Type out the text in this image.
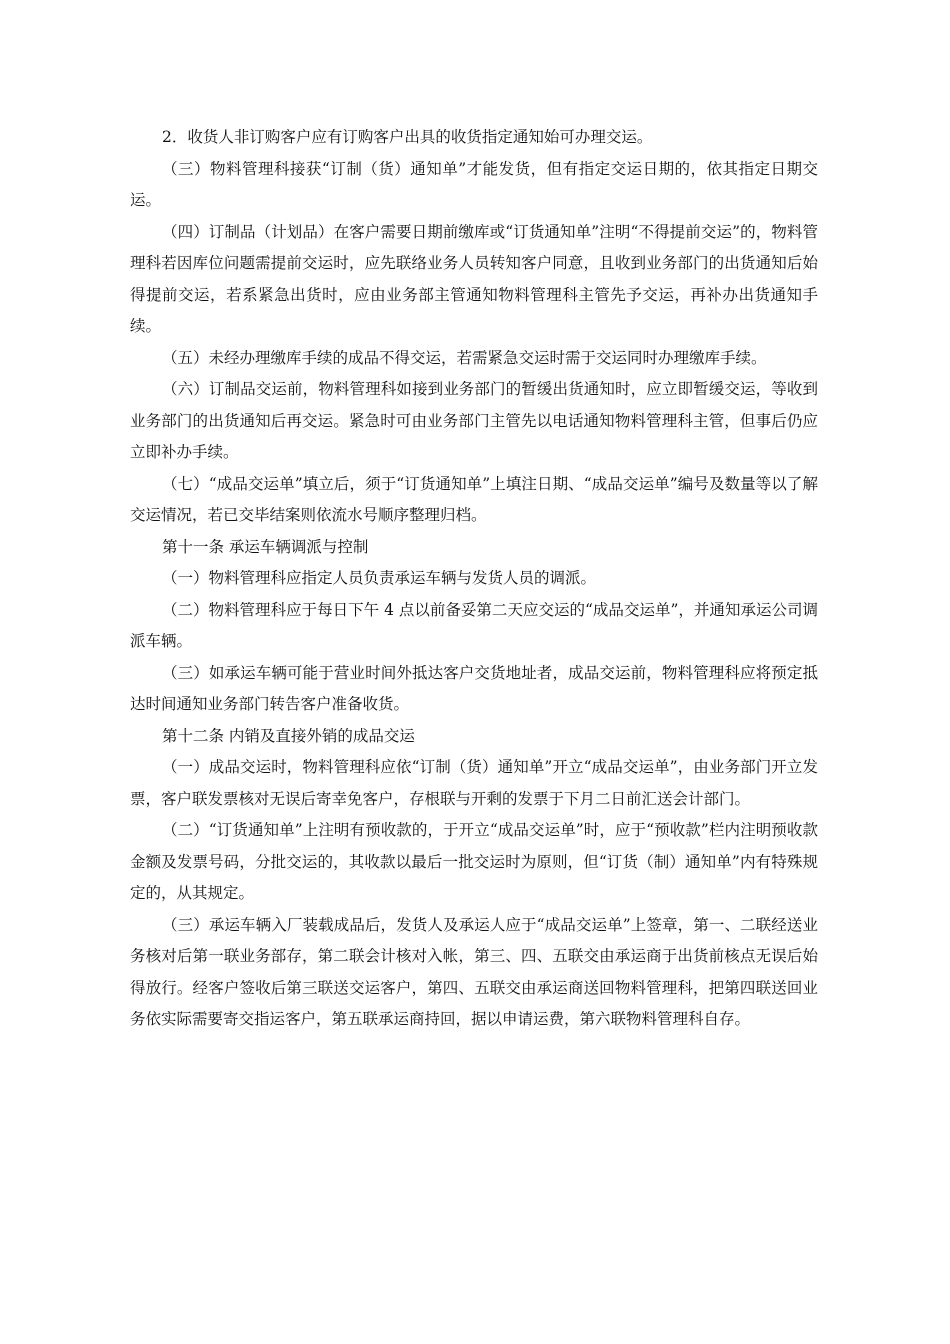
2．收货人非订购客户应有订购客户出具的收货指定通知始可办理交运。

（三）物料管理科接获“订制（货）通知单”才能发货，但有指定交运日期的，依其指定日期交运。

（四）订制品（计划品）在客户需要日期前缴库或“订货通知单”注明“不得提前交运”的，物料管理科若因库位问题需提前交运时，应先联络业务人员转知客户同意，且收到业务部门的出货通知后始得提前交运，若系紧急出货时，应由业务部主管通知物料管理科主管先予交运，再补办出货通知手续。

（五）未经办理缴库手续的成品不得交运，若需紧急交运时需于交运同时办理缴库手续。

（六）订制品交运前，物料管理科如接到业务部门的暂缓出货通知时，应立即暂缓交运，等收到业务部门的出货通知后再交运。紧急时可由业务部门主管先以电话通知物料管理科主管，但事后仍应立即补办手续。

（七）“成品交运单”填立后，须于“订货通知单”上填注日期、“成品交运单”编号及数量等以了解交运情况，若已交毕结案则依流水号顺序整理归档。

第十一条 承运车辆调派与控制

（一）物料管理科应指定人员负责承运车辆与发货人员的调派。

（二）物料管理科应于每日下午 4 点以前备妥第二天应交运的“成品交运单”，并通知承运公司调派车辆。

（三）如承运车辆可能于营业时间外抵达客户交货地址者，成品交运前，物料管理科应将预定抵达时间通知业务部门转告客户准备收货。

第十二条 内销及直接外销的成品交运

（一）成品交运时，物料管理科应依“订制（货）通知单”开立“成品交运单”，由业务部门开立发票，客户联发票核对无误后寄幸免客户，存根联与开剩的发票于下月二日前汇送会计部门。

（二）“订货通知单”上注明有预收款的，于开立“成品交运单”时，应于“预收款”栏内注明预收款金额及发票号码，分批交运的，其收款以最后一批交运时为原则，但“订货（制）通知单”内有特殊规定的，从其规定。

（三）承运车辆入厂装载成品后，发货人及承运人应于“成品交运单”上签章，第一、二联经送业务核对后第一联业务部存，第二联会计核对入帐，第三、四、五联交由承运商于出货前核点无误后始得放行。经客户签收后第三联送交运客户，第四、五联交由承运商送回物料管理科，把第四联送回业务依实际需要寄交指运客户，第五联承运商持回，据以申请运费，第六联物料管理科自存。
